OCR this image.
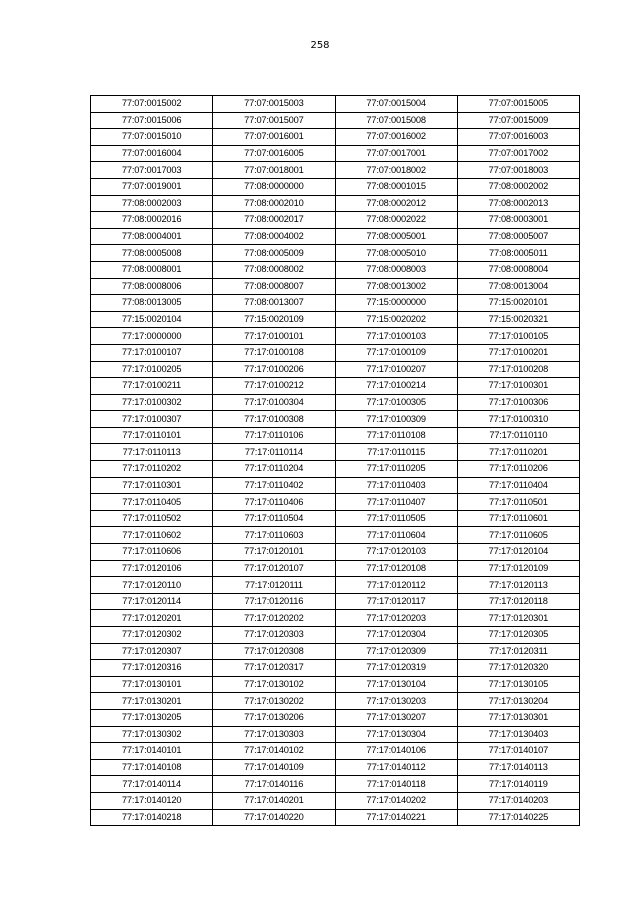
258
77:07:0015002	77:07:0015003	77:07:0015004	77:07:0015005
77:07:0015006	77:07:0015007	77:07:0015008	77:07:0015009
77:07:0015010	77:07:0016001	77:07:0016002	77:07:0016003
77:07:0016004	77:07:0016005	77:07:0017001	77:07:0017002
77:07:0017003	77:07:0018001	77:07:0018002	77:07:0018003
77:07:0019001	77:08:0000000	77:08:0001015	77:08:0002002
77:08:0002003	77:08:0002010	77:08:0002012	77:08:0002013
77:08:0002016	77:08:0002017	77:08:0002022	77:08:0003001
77:08:0004001	77:08:0004002	77:08:0005001	77:08:0005007
77:08:0005008	77:08:0005009	77:08:0005010	77:08:0005011
77:08:0008001	77:08:0008002	77:08:0008003	77:08:0008004
77:08:0008006	77:08:0008007	77:08:0013002	77:08:0013004
77:08:0013005	77:08:0013007	77:15:0000000	77:15:0020101
77:15:0020104	77:15:0020109	77:15:0020202	77:15:0020321
77:17:0000000	77:17:0100101	77:17:0100103	77:17:0100105
77:17:0100107	77:17:0100108	77:17:0100109	77:17:0100201
77:17:0100205	77:17:0100206	77:17:0100207	77:17:0100208
77:17:0100211	77:17:0100212	77:17:0100214	77:17:0100301
77:17:0100302	77:17:0100304	77:17:0100305	77:17:0100306
77:17:0100307	77:17:0100308	77:17:0100309	77:17:0100310
77:17:0110101	77:17:0110106	77:17:0110108	77:17:0110110
77:17:0110113	77:17:0110114	77:17:0110115	77:17:0110201
77:17:0110202	77:17:0110204	77:17:0110205	77:17:0110206
77:17:0110301	77:17:0110402	77:17:0110403	77:17:0110404
77:17:0110405	77:17:0110406	77:17:0110407	77:17:0110501
77:17:0110502	77:17:0110504	77:17:0110505	77:17:0110601
77:17:0110602	77:17:0110603	77:17:0110604	77:17:0110605
77:17:0110606	77:17:0120101	77:17:0120103	77:17:0120104
77:17:0120106	77:17:0120107	77:17:0120108	77:17:0120109
77:17:0120110	77:17:0120111	77:17:0120112	77:17:0120113
77:17:0120114	77:17:0120116	77:17:0120117	77:17:0120118
77:17:0120201	77:17:0120202	77:17:0120203	77:17:0120301
77:17:0120302	77:17:0120303	77:17:0120304	77:17:0120305
77:17:0120307	77:17:0120308	77:17:0120309	77:17:0120311
77:17:0120316	77:17:0120317	77:17:0120319	77:17:0120320
77:17:0130101	77:17:0130102	77:17:0130104	77:17:0130105
77:17:0130201	77:17:0130202	77:17:0130203	77:17:0130204
77:17:0130205	77:17:0130206	77:17:0130207	77:17:0130301
77:17:0130302	77:17:0130303	77:17:0130304	77:17:0130403
77:17:0140101	77:17:0140102	77:17:0140106	77:17:0140107
77:17:0140108	77:17:0140109	77:17:0140112	77:17:0140113
77:17:0140114	77:17:0140116	77:17:0140118	77:17:0140119
77:17:0140120	77:17:0140201	77:17:0140202	77:17:0140203
77:17:0140218	77:17:0140220	77:17:0140221	77:17:0140225
